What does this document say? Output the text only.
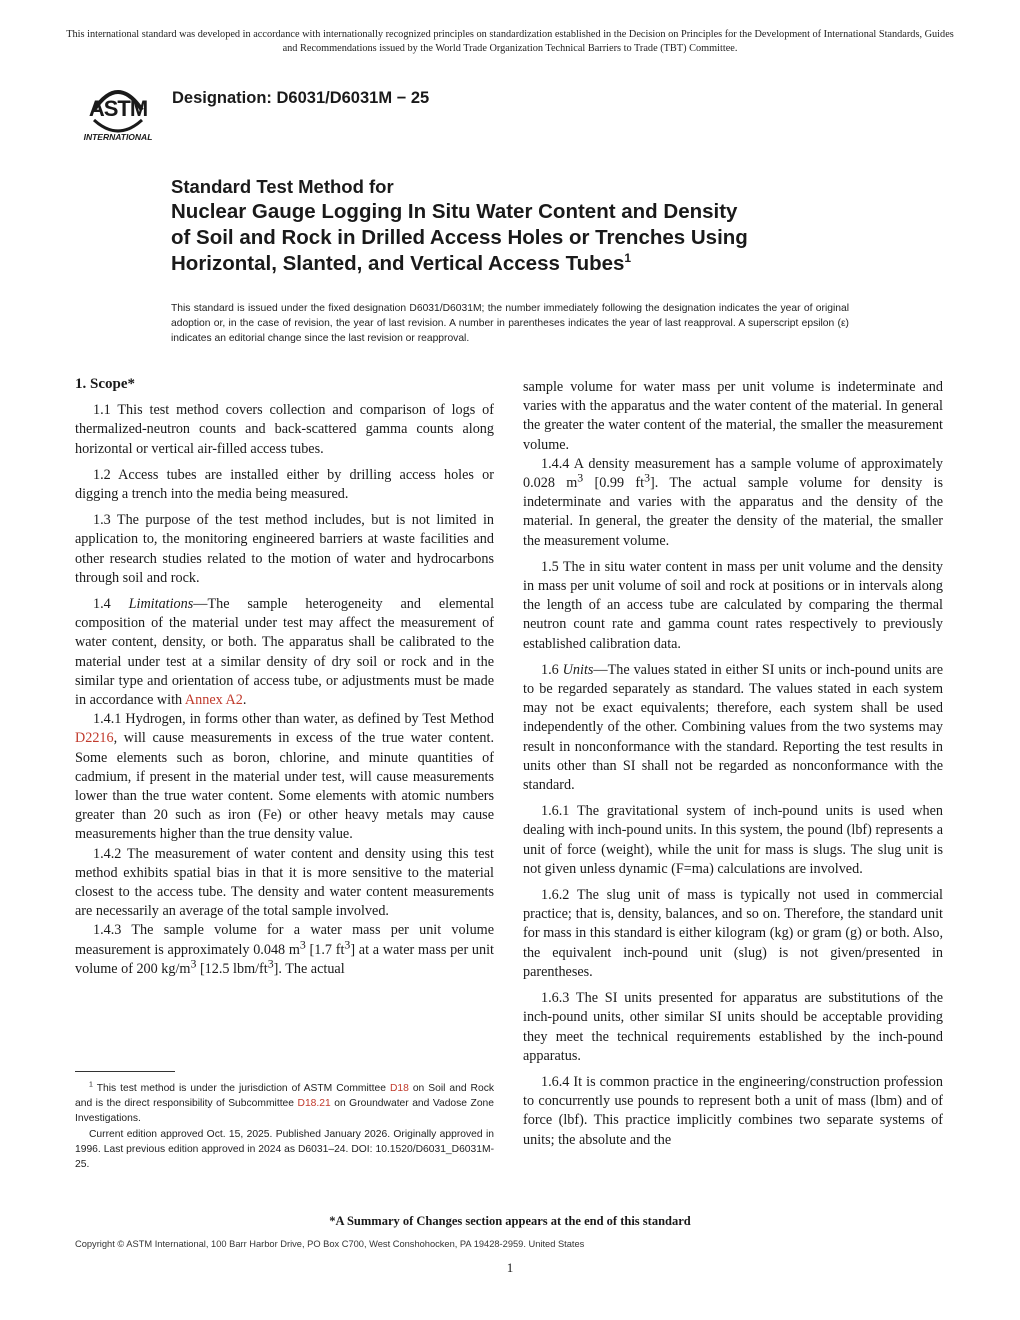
This international standard was developed in accordance with internationally recognized principles on standardization established in the Decision on Principles for the Development of International Standards, Guides and Recommendations issued by the World Trade Organization Technical Barriers to Trade (TBT) Committee.
ASTM
INTERNATIONAL
Designation: D6031/D6031M − 25
Standard Test Method for
Nuclear Gauge Logging In Situ Water Content and Density
of Soil and Rock in Drilled Access Holes or Trenches Using
Horizontal, Slanted, and Vertical Access Tubes$^1$
This standard is issued under the fixed designation D6031/D6031M; the number immediately following the designation indicates the year of original adoption or, in the case of revision, the year of last revision. A number in parentheses indicates the year of last reapproval. A superscript epsilon (ε) indicates an editorial change since the last revision or reapproval.

1. Scope*

1.1 This test method covers collection and comparison of logs of thermalized-neutron counts and back-scattered gamma counts along horizontal or vertical air-filled access tubes.

1.2 Access tubes are installed either by drilling access holes or digging a trench into the media being measured.

1.3 The purpose of the test method includes, but is not limited in application to, the monitoring engineered barriers at waste facilities and other research studies related to the motion of water and hydrocarbons through soil and rock.

1.4 Limitations—The sample heterogeneity and elemental composition of the material under test may affect the measurement of water content, density, or both. The apparatus shall be calibrated to the material under test at a similar density of dry soil or rock and in the similar type and orientation of access tube, or adjustments must be made in accordance with Annex A2.

1.4.1 Hydrogen, in forms other than water, as defined by Test Method D2216, will cause measurements in excess of the true water content. Some elements such as boron, chlorine, and minute quantities of cadmium, if present in the material under test, will cause measurements lower than the true water content. Some elements with atomic numbers greater than 20 such as iron (Fe) or other heavy metals may cause measurements higher than the true density value.

1.4.2 The measurement of water content and density using this test method exhibits spatial bias in that it is more sensitive to the material closest to the access tube. The density and water content measurements are necessarily an average of the total sample involved.

1.4.3 The sample volume for a water mass per unit volume measurement is approximately 0.048 $m^3$ [1.7 $ft^3$] at a water mass per unit volume of 200 $kg/m^3$ [12.5 lbm/$ft^3$]. The actual

sample volume for water mass per unit volume is indeterminate and varies with the apparatus and the water content of the material. In general the greater the water content of the material, the smaller the measurement volume.

1.4.4 A density measurement has a sample volume of approximately 0.028 $m^3$ [0.99 $ft^3$]. The actual sample volume for density is indeterminate and varies with the apparatus and the density of the material. In general, the greater the density of the material, the smaller the measurement volume.

1.5 The in situ water content in mass per unit volume and the density in mass per unit volume of soil and rock at positions or in intervals along the length of an access tube are calculated by comparing the thermal neutron count rate and gamma count rates respectively to previously established calibration data.

1.6 Units—The values stated in either SI units or inch-pound units are to be regarded separately as standard. The values stated in each system may not be exact equivalents; therefore, each system shall be used independently of the other. Combining values from the two systems may result in nonconformance with the standard. Reporting the test results in units other than SI shall not be regarded as nonconformance with the standard.

1.6.1 The gravitational system of inch-pound units is used when dealing with inch-pound units. In this system, the pound (lbf) represents a unit of force (weight), while the unit for mass is slugs. The slug unit is not given unless dynamic (F=ma) calculations are involved.

1.6.2 The slug unit of mass is typically not used in commercial practice; that is, density, balances, and so on. Therefore, the standard unit for mass in this standard is either kilogram (kg) or gram (g) or both. Also, the equivalent inch-pound unit (slug) is not given/presented in parentheses.

1.6.3 The SI units presented for apparatus are substitutions of the inch-pound units, other similar SI units should be acceptable providing they meet the technical requirements established by the inch-pound apparatus.

1.6.4 It is common practice in the engineering/construction profession to concurrently use pounds to represent both a unit of mass (lbm) and of force (lbf). This practice implicitly combines two separate systems of units; the absolute and the

$^1$ This test method is under the jurisdiction of ASTM Committee D18 on Soil and Rock and is the direct responsibility of Subcommittee D18.21 on Groundwater and Vadose Zone Investigations.

Current edition approved Oct. 15, 2025. Published January 2026. Originally approved in 1996. Last previous edition approved in 2024 as D6031–24. DOI: 10.1520/D6031_D6031M-25.

*A Summary of Changes section appears at the end of this standard
Copyright © ASTM International, 100 Barr Harbor Drive, PO Box C700, West Conshohocken, PA 19428-2959. United States
1
